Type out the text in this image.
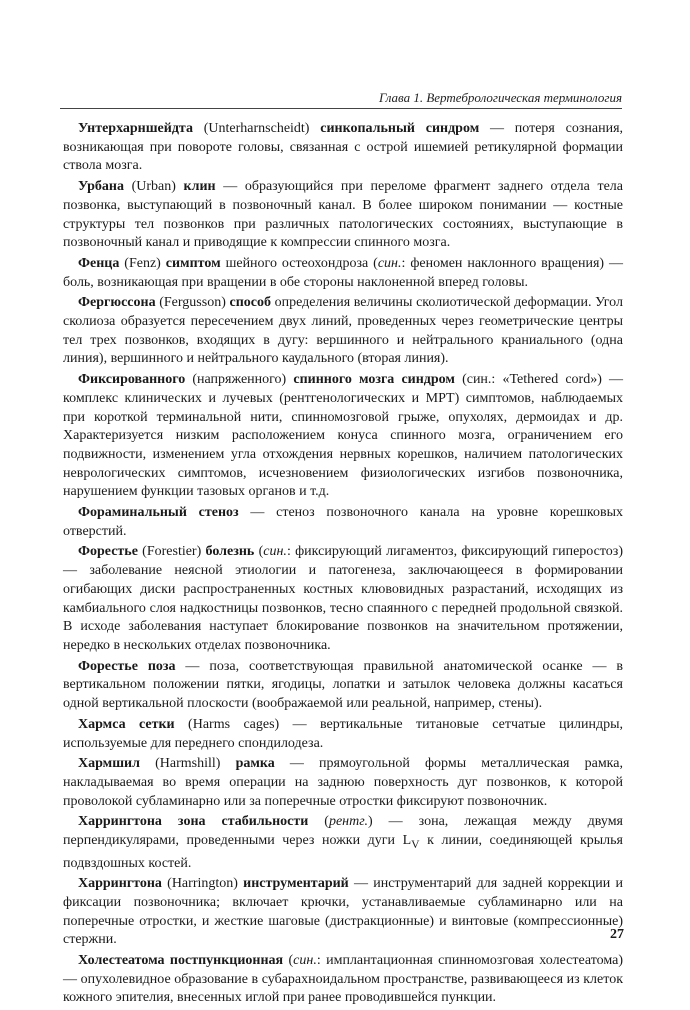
Глава 1. Вертебрологическая терминология

Унтерхарншейдта (Unterharnscheidt) синкопальный синдром — потеря сознания, возникающая при повороте головы, связанная с острой ишемией ретикулярной формации ствола мозга.

Урбана (Urban) клин — образующийся при переломе фрагмент заднего отдела тела позвонка, выступающий в позвоночный канал. В более широком понимании — костные структуры тел позвонков при различных патологических состояниях, выступающие в позвоночный канал и приводящие к компрессии спинного мозга.

Фенца (Fenz) симптом шейного остеохондроза (син.: феномен наклонного вращения) — боль, возникающая при вращении в обе стороны наклоненной вперед головы.

Фергюссона (Fergusson) способ определения величины сколиотической деформации. Угол сколиоза образуется пересечением двух линий, проведенных через геометрические центры тел трех позвонков, входящих в дугу: вершинного и нейтрального краниального (одна линия), вершинного и нейтрального каудального (вторая линия).

Фиксированного (напряженного) спинного мозга синдром (син.: «Tethered cord») — комплекс клинических и лучевых (рентгенологических и МРТ) симптомов, наблюдаемых при короткой терминальной нити, спинномозговой грыже, опухолях, дермоидах и др. Характеризуется низким расположением конуса спинного мозга, ограничением его подвижности, изменением угла отхождения нервных корешков, наличием патологических неврологических симптомов, исчезновением физиологических изгибов позвоночника, нарушением функции тазовых органов и т.д.

Фораминальный стеноз — стеноз позвоночного канала на уровне корешковых отверстий.

Форестье (Forestier) болезнь (син.: фиксирующий лигаментоз, фиксирующий гиперостоз) — заболевание неясной этиологии и патогенеза, заключающееся в формировании огибающих диски распространенных костных клювовидных разрастаний, исходящих из камбиального слоя надкостницы позвонков, тесно спаянного с передней продольной связкой. В исходе заболевания наступает блокирование позвонков на значительном протяжении, нередко в нескольких отделах позвоночника.

Форестье поза — поза, соответствующая правильной анатомической осанке — в вертикальном положении пятки, ягодицы, лопатки и затылок человека должны касаться одной вертикальной плоскости (воображаемой или реальной, например, стены).

Хармса сетки (Harms cages) — вертикальные титановые сетчатые цилиндры, используемые для переднего спондилодеза.

Хармшил (Harmshill) рамка — прямоугольной формы металлическая рамка, накладываемая во время операции на заднюю поверхность дуг позвонков, к которой проволокой сублaминарно или за поперечные отростки фиксируют позвоночник.

Харрингтона зона стабильности (рентг.) — зона, лежащая между двумя перпендикулярами, проведенными через ножки дуги $L_V$ к линии, соединяющей крылья подвздошных костей.

Харрингтона (Harrington) инструментарий — инструментарий для задней коррекции и фиксации позвоночника; включает крючки, устанавливаемые субламинарно или на поперечные отростки, и жесткие шаговые (дистракционные) и винтовые (компрессионные) стержни.

Холестеатома постпункционная (син.: имплантационная спинномозговая холестеатома) — опухолевидное образование в субарахноидальном пространстве, развивающееся из клеток кожного эпителия, внесенных иглой при ранее проводившейся пункции.

27
